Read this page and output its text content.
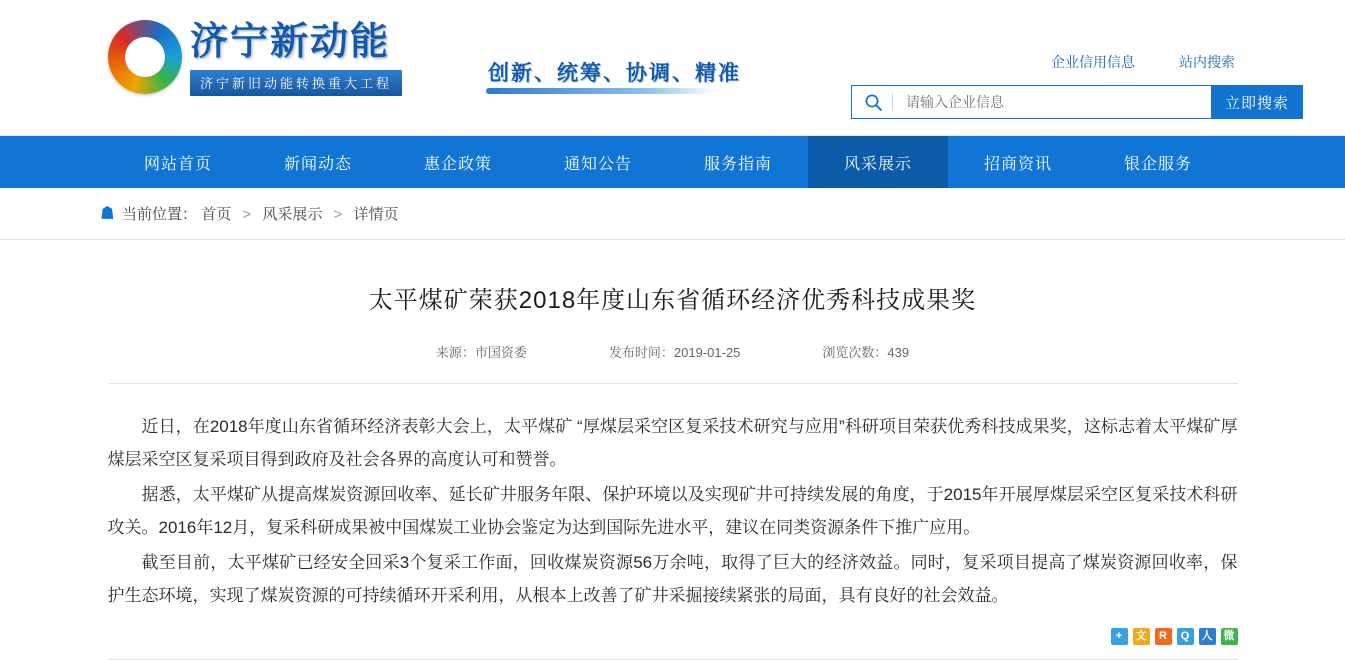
济宁新动能
济宁新旧动能转换重大工程	创新、统筹、协调、精准	企业信用信息	站内搜索
请输入企业信息
立即搜索
网站首页	新闻动态	惠企政策	通知公告	服务指南	风采展示	招商资讯	银企服务
☗ 当前位置： 首页 > 风采展示 > 详情页
太平煤矿荣获2018年度山东省循环经济优秀科技成果奖
来源：市国资委	发布时间：2019-01-25	浏览次数：439

近日，在2018年度山东省循环经济表彰大会上，太平煤矿 “厚煤层采空区复采技术研究与应用”科研项目荣获优秀科技成果奖，这标志着太平煤矿厚煤层采空区复采项目得到政府及社会各界的高度认可和赞誉。

据悉，太平煤矿从提高煤炭资源回收率、延长矿井服务年限、保护环境以及实现矿井可持续发展的角度，于2015年开展厚煤层采空区复采技术科研攻关。2016年12月，复采科研成果被中国煤炭工业协会鉴定为达到国际先进水平，建议在同类资源条件下推广应用。

截至目前，太平煤矿已经安全回采3个复采工作面，回收煤炭资源56万余吨，取得了巨大的经济效益。同时，复采项目提高了煤炭资源回收率，保护生态环境，实现了煤炭资源的可持续循环开采利用，从根本上改善了矿井采掘接续紧张的局面，具有良好的社会效益。

+	文	R	Q	人 微
